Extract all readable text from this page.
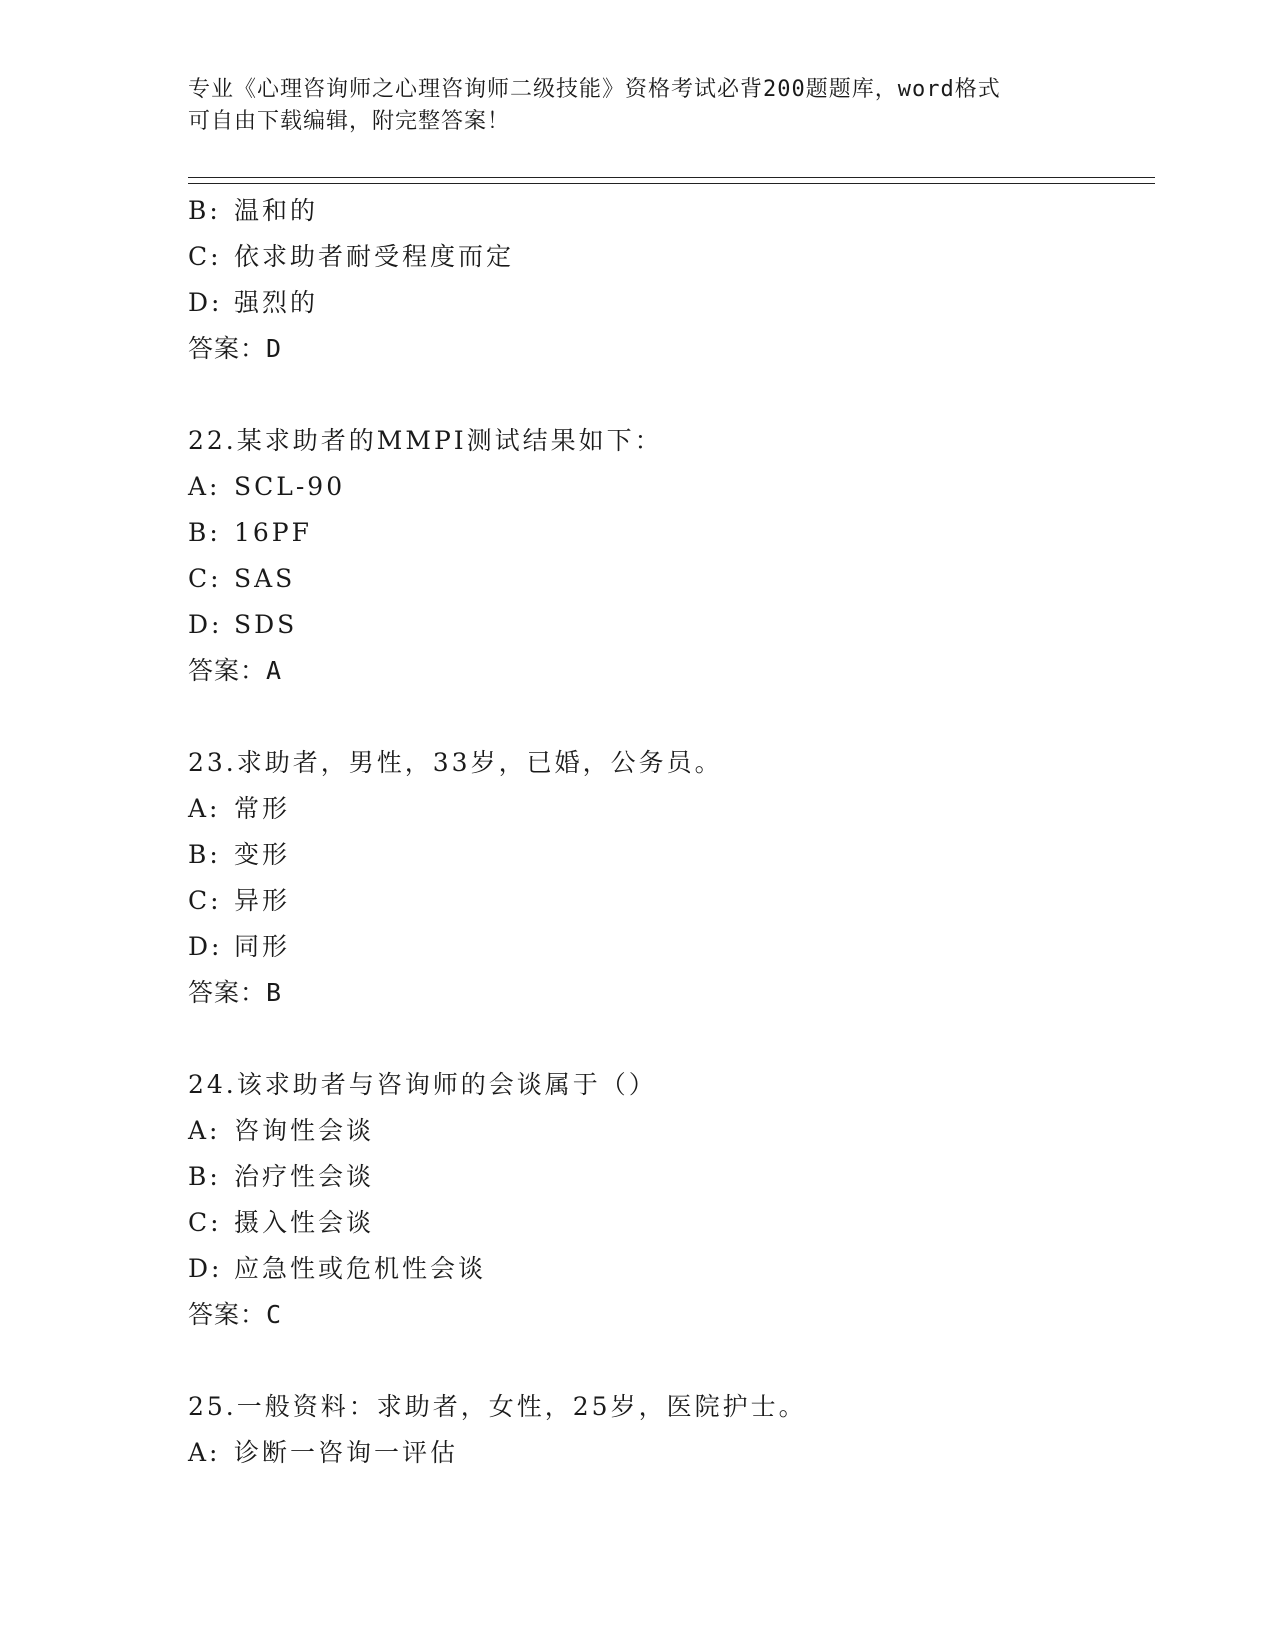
专业《心理咨询师之心理咨询师二级技能》资格考试必背200题题库，word格式
可自由下载编辑，附完整答案！
B: 温和的
C: 依求助者耐受程度而定
D: 强烈的
答案：D
22.某求助者的MMPI测试结果如下：
A: SCL-90
B: 16PF
C: SAS
D: SDS
答案：A
23.求助者，男性，33岁，已婚，公务员。
A: 常形
B: 变形
C: 异形
D: 同形
答案：B
24.该求助者与咨询师的会谈属于（）
A: 咨询性会谈
B: 治疗性会谈
C: 摄入性会谈
D: 应急性或危机性会谈
答案：C
25.一般资料：求助者，女性，25岁，医院护士。
A: 诊断一咨询一评估
